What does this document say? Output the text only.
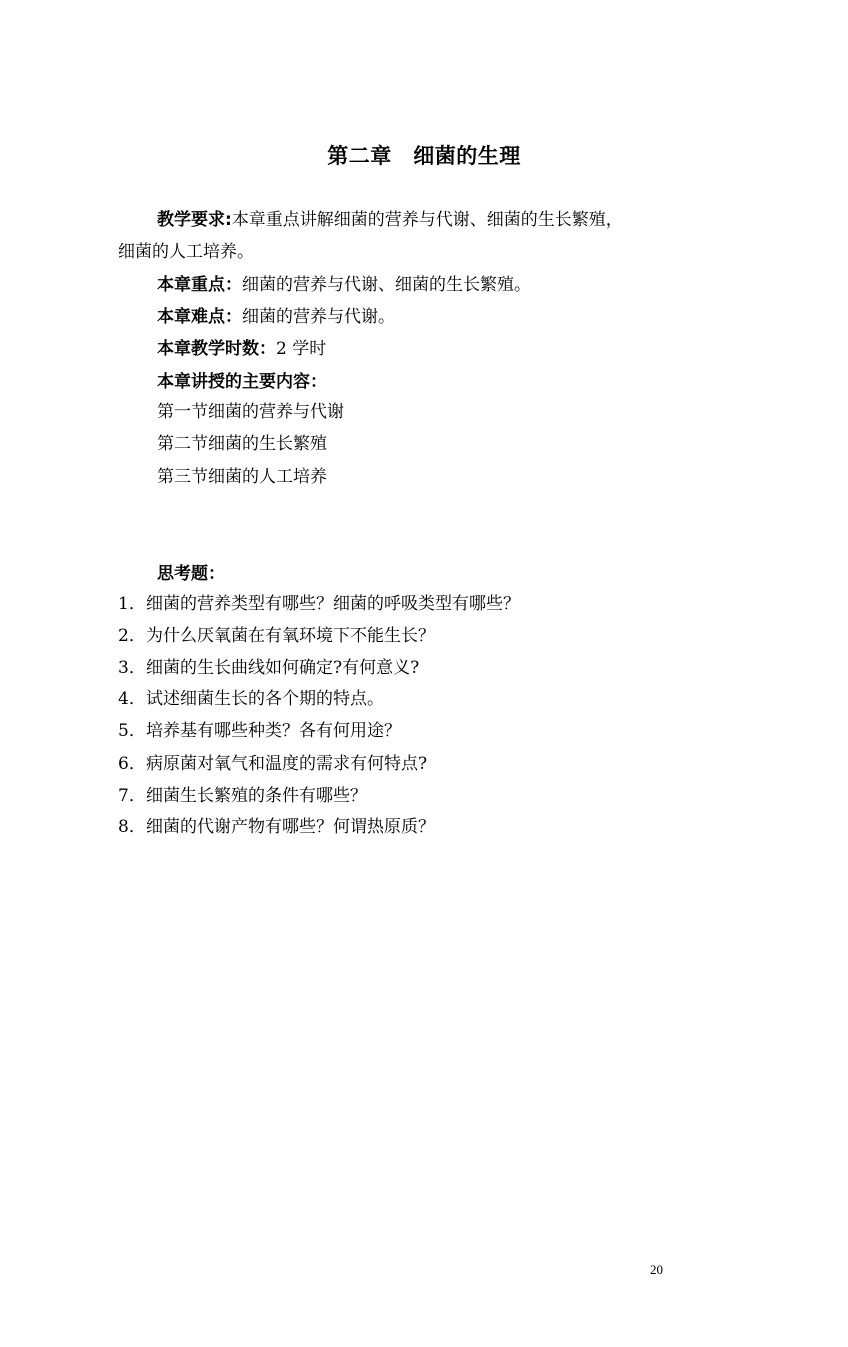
第二章　细菌的生理
教学要求:本章重点讲解细菌的营养与代谢、细菌的生长繁殖，
细菌的人工培养。
本章重点：细菌的营养与代谢、细菌的生长繁殖。
本章难点：细菌的营养与代谢。
本章教学时数：2 学时
本章讲授的主要内容：
第一节细菌的营养与代谢
第二节细菌的生长繁殖
第三节细菌的人工培养
思考题：
1．细菌的营养类型有哪些？细菌的呼吸类型有哪些？
2．为什么厌氧菌在有氧环境下不能生长？
3．细菌的生长曲线如何确定?有何意义?
4．试述细菌生长的各个期的特点。
5．培养基有哪些种类？各有何用途？
6．病原菌对氧气和温度的需求有何特点?
7．细菌生长繁殖的条件有哪些？
8．细菌的代谢产物有哪些？何谓热原质？
20
